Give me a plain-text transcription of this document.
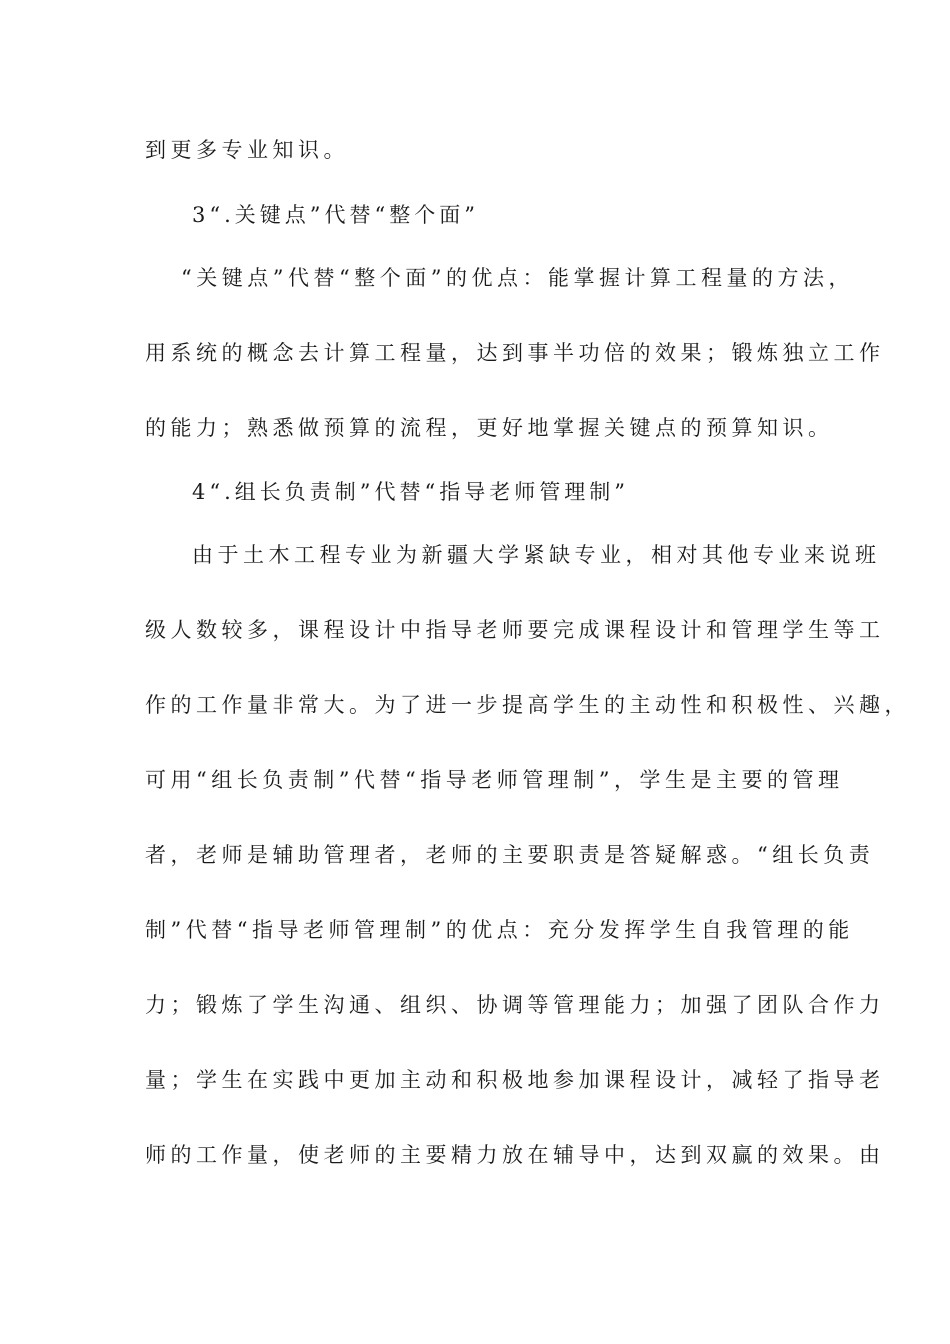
到更多专业知识。
3“.关键点”代替“整个面”
“关键点”代替“整个面”的优点：能掌握计算工程量的方法，
用系统的概念去计算工程量，达到事半功倍的效果；锻炼独立工作
的能力；熟悉做预算的流程，更好地掌握关键点的预算知识。
4“.组长负责制”代替“指导老师管理制”
由于土木工程专业为新疆大学紧缺专业，相对其他专业来说班
级人数较多，课程设计中指导老师要完成课程设计和管理学生等工
作的工作量非常大。为了进一步提高学生的主动性和积极性、兴趣，
可用“组长负责制”代替“指导老师管理制”，学生是主要的管理
者，老师是辅助管理者，老师的主要职责是答疑解惑。“组长负责
制”代替“指导老师管理制”的优点：充分发挥学生自我管理的能
力；锻炼了学生沟通、组织、协调等管理能力；加强了团队合作力
量；学生在实践中更加主动和积极地参加课程设计，减轻了指导老
师的工作量，使老师的主要精力放在辅导中，达到双赢的效果。由
